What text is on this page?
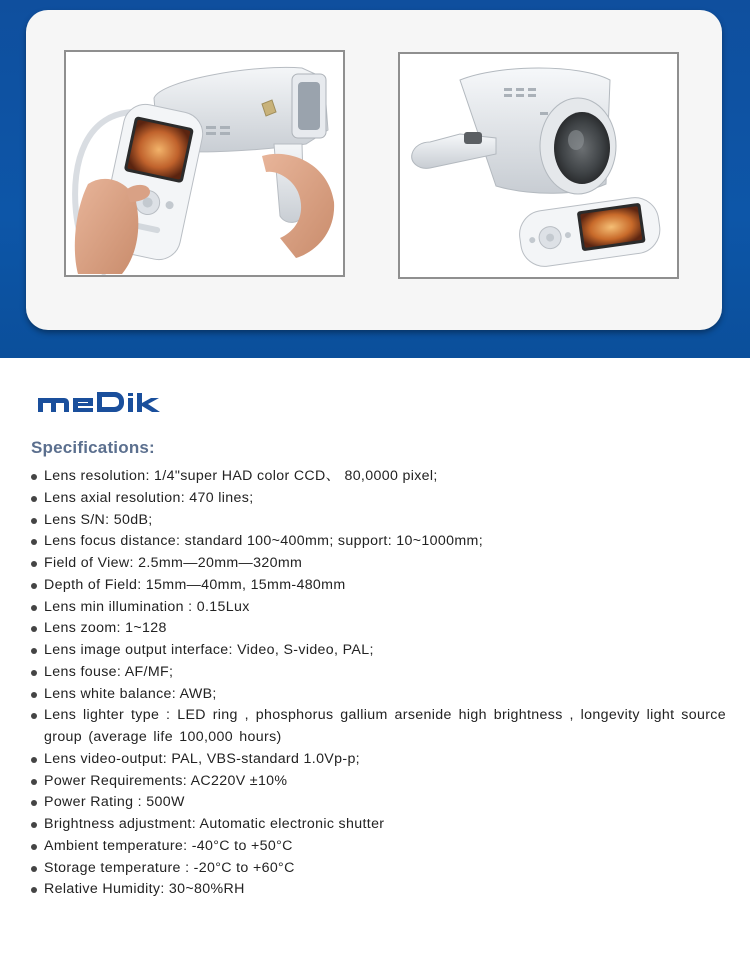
Specifications:
Lens resolution: 1/4"super HAD color CCD、 80,0000 pixel;
Lens axial resolution: 470 lines;
Lens S/N: 50dB;
Lens focus distance: standard 100~400mm; support: 10~1000mm;
Field of View: 2.5mm—20mm—320mm
Depth of Field: 15mm—40mm, 15mm-480mm
Lens min illumination : 0.15Lux
Lens zoom: 1~128
Lens image output interface: Video, S-video, PAL;
Lens fouse: AF/MF;
Lens white balance: AWB;
Lens lighter type : LED ring , phosphorus gallium arsenide high brightness , longevity light source group (average life 100,000 hours)
Lens video-output: PAL, VBS-standard 1.0Vp-p;
Power Requirements: AC220V ±10%
Power Rating : 500W
Brightness adjustment: Automatic electronic shutter
Ambient temperature: -40°C to +50°C
Storage temperature : -20°C to +60°C
Relative Humidity: 30~80%RH
